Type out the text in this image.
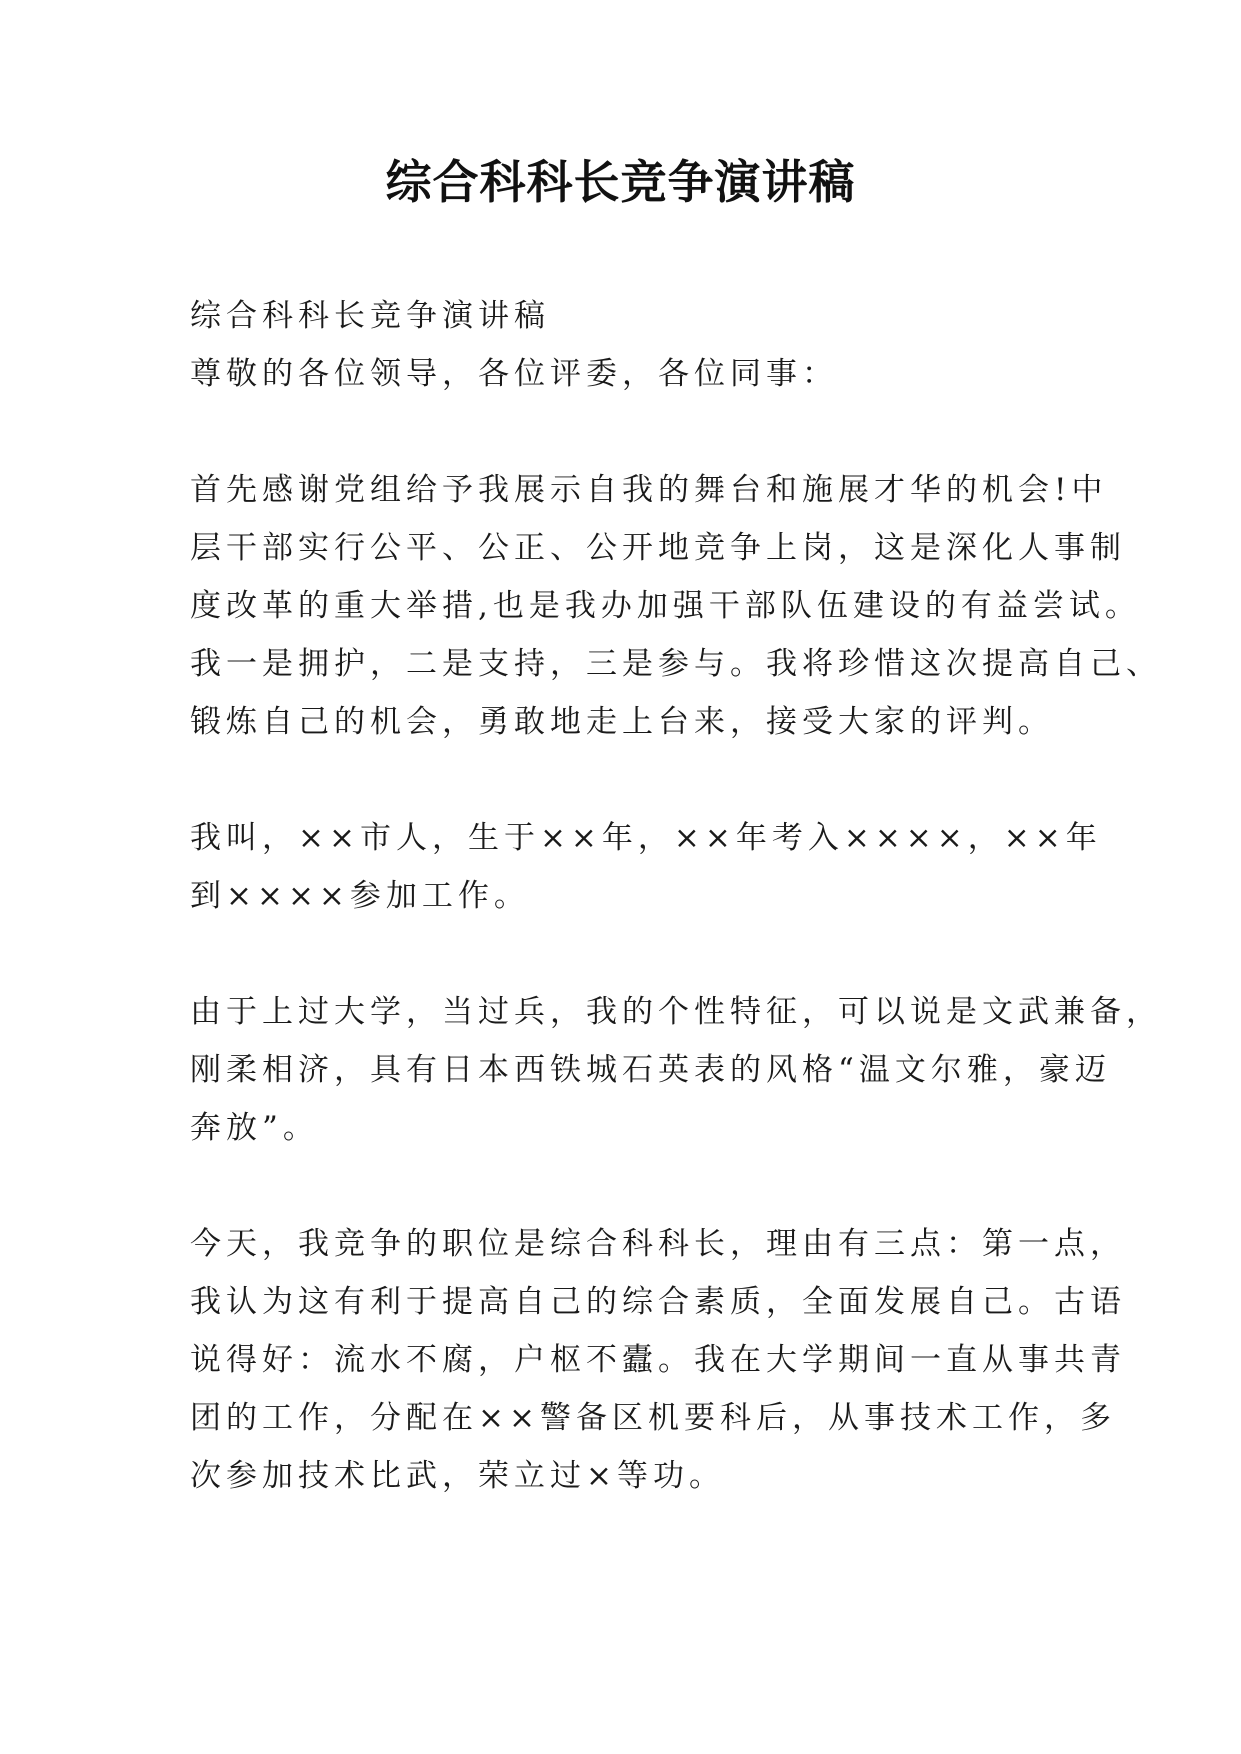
综合科科长竞争演讲稿
综合科科长竞争演讲稿
尊敬的各位领导，各位评委，各位同事：
首先感谢党组给予我展示自我的舞台和施展才华的机会!中
层干部实行公平、公正、公开地竞争上岗，这是深化人事制
度改革的重大举措,也是我办加强干部队伍建设的有益尝试。
我一是拥护，二是支持，三是参与。我将珍惜这次提高自己、
锻炼自己的机会，勇敢地走上台来，接受大家的评判。
我叫，××市人，生于××年，××年考入××××，××年
到××××参加工作。
由于上过大学，当过兵，我的个性特征，可以说是文武兼备，
刚柔相济，具有日本西铁城石英表的风格“温文尔雅，豪迈
奔放”。
今天，我竞争的职位是综合科科长，理由有三点：第一点，
我认为这有利于提高自己的综合素质，全面发展自己。古语
说得好：流水不腐，户枢不蠹。我在大学期间一直从事共青
团的工作，分配在××警备区机要科后，从事技术工作，多
次参加技术比武，荣立过×等功。
